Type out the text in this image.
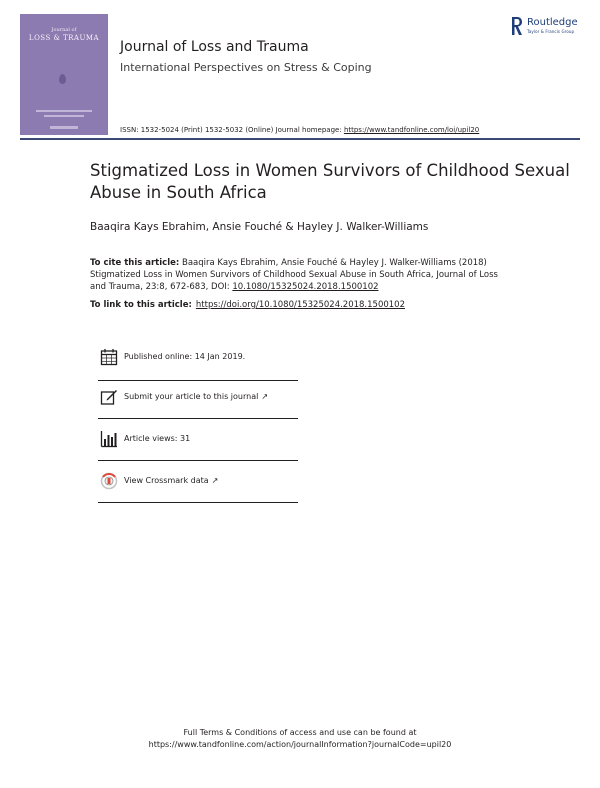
Journal of
LOSS & TRAUMA
Journal of Loss and Trauma
International Perspectives on Stress & Coping
Routledge
Taylor & Francis Group
ISSN: 1532-5024 (Print) 1532-5032 (Online) Journal homepage: https://www.tandfonline.com/loi/upil20
Stigmatized Loss in Women Survivors of Childhood Sexual Abuse in South Africa
Baaqira Kays Ebrahim, Ansie Fouché & Hayley J. Walker-Williams
To cite this article: Baaqira Kays Ebrahim, Ansie Fouché & Hayley J. Walker-Williams (2018) Stigmatized Loss in Women Survivors of Childhood Sexual Abuse in South Africa, Journal of Loss and Trauma, 23:8, 672-683, DOI: 10.1080/15325024.2018.1500102
To link to this article: https://doi.org/10.1080/15325024.2018.1500102
Published online: 14 Jan 2019.
Submit your article to this journal ↗
Article views: 31
View Crossmark data ↗
Full Terms & Conditions of access and use can be found at
https://www.tandfonline.com/action/journalInformation?journalCode=upil20
